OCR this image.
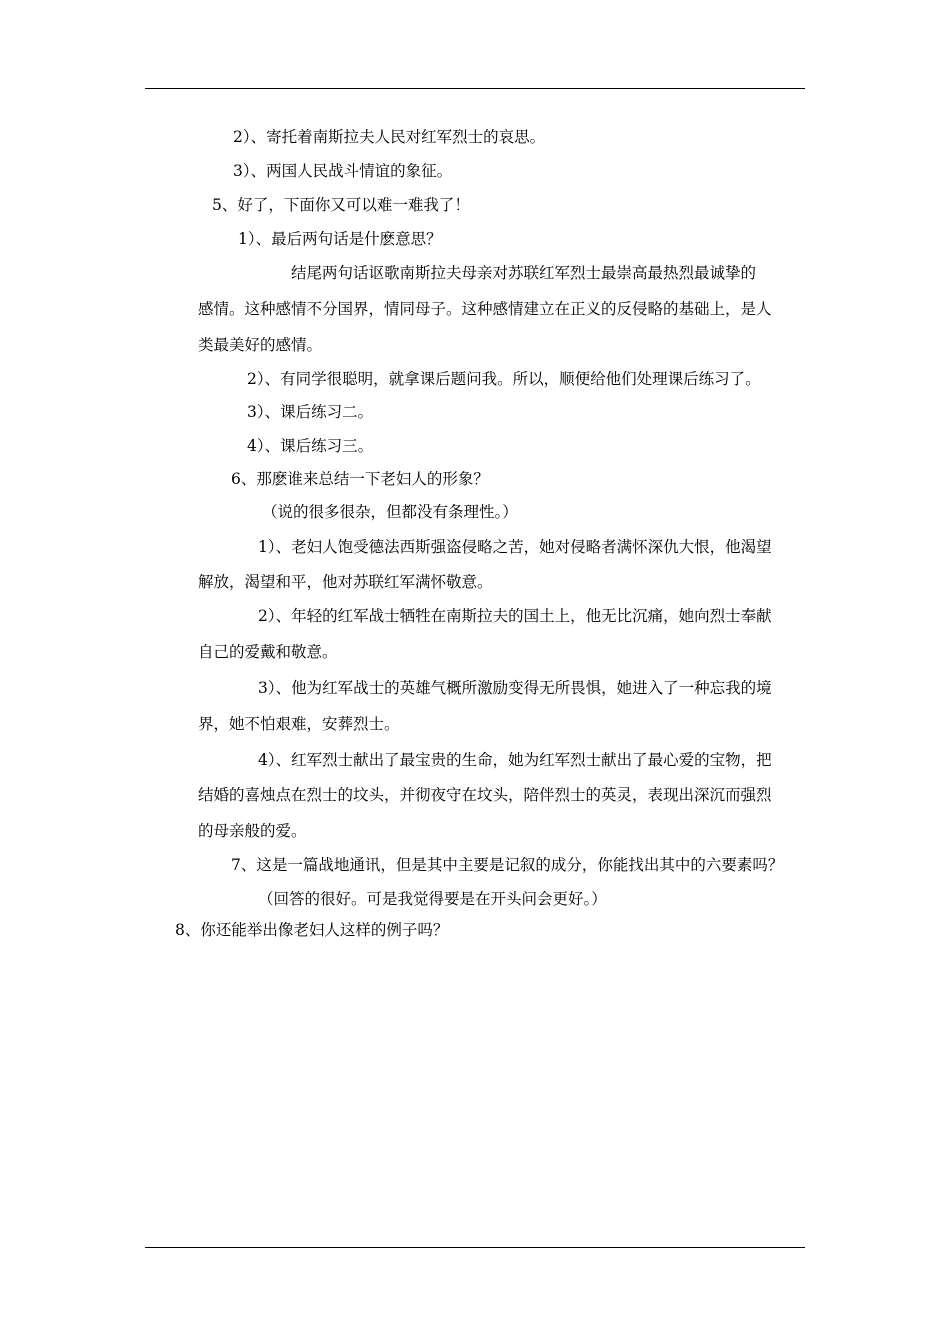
2）、寄托着南斯拉夫人民对红军烈士的哀思。
3）、两国人民战斗情谊的象征。
5、好了，下面你又可以难一难我了！
1）、最后两句话是什麽意思？
结尾两句话讴歌南斯拉夫母亲对苏联红军烈士最崇高最热烈最诚挚的
感情。这种感情不分国界，情同母子。这种感情建立在正义的反侵略的基础上，是人
类最美好的感情。
2）、有同学很聪明，就拿课后题问我。所以，顺便给他们处理课后练习了。
3）、课后练习二。
4）、课后练习三。
6、那麽谁来总结一下老妇人的形象？
（说的很多很杂，但都没有条理性。）
1）、老妇人饱受德法西斯强盗侵略之苦，她对侵略者满怀深仇大恨，他渴望
解放，渴望和平，他对苏联红军满怀敬意。
2）、年轻的红军战士牺牲在南斯拉夫的国土上，他无比沉痛，她向烈士奉献
自己的爱戴和敬意。
3）、他为红军战士的英雄气概所激励变得无所畏惧，她进入了一种忘我的境
界，她不怕艰难，安葬烈士。
4）、红军烈士献出了最宝贵的生命，她为红军烈士献出了最心爱的宝物，把
结婚的喜烛点在烈士的坟头，并彻夜守在坟头，陪伴烈士的英灵，表现出深沉而强烈
的母亲般的爱。
7、这是一篇战地通讯，但是其中主要是记叙的成分，你能找出其中的六要素吗？
（回答的很好。可是我觉得要是在开头问会更好。）
8、你还能举出像老妇人这样的例子吗？
